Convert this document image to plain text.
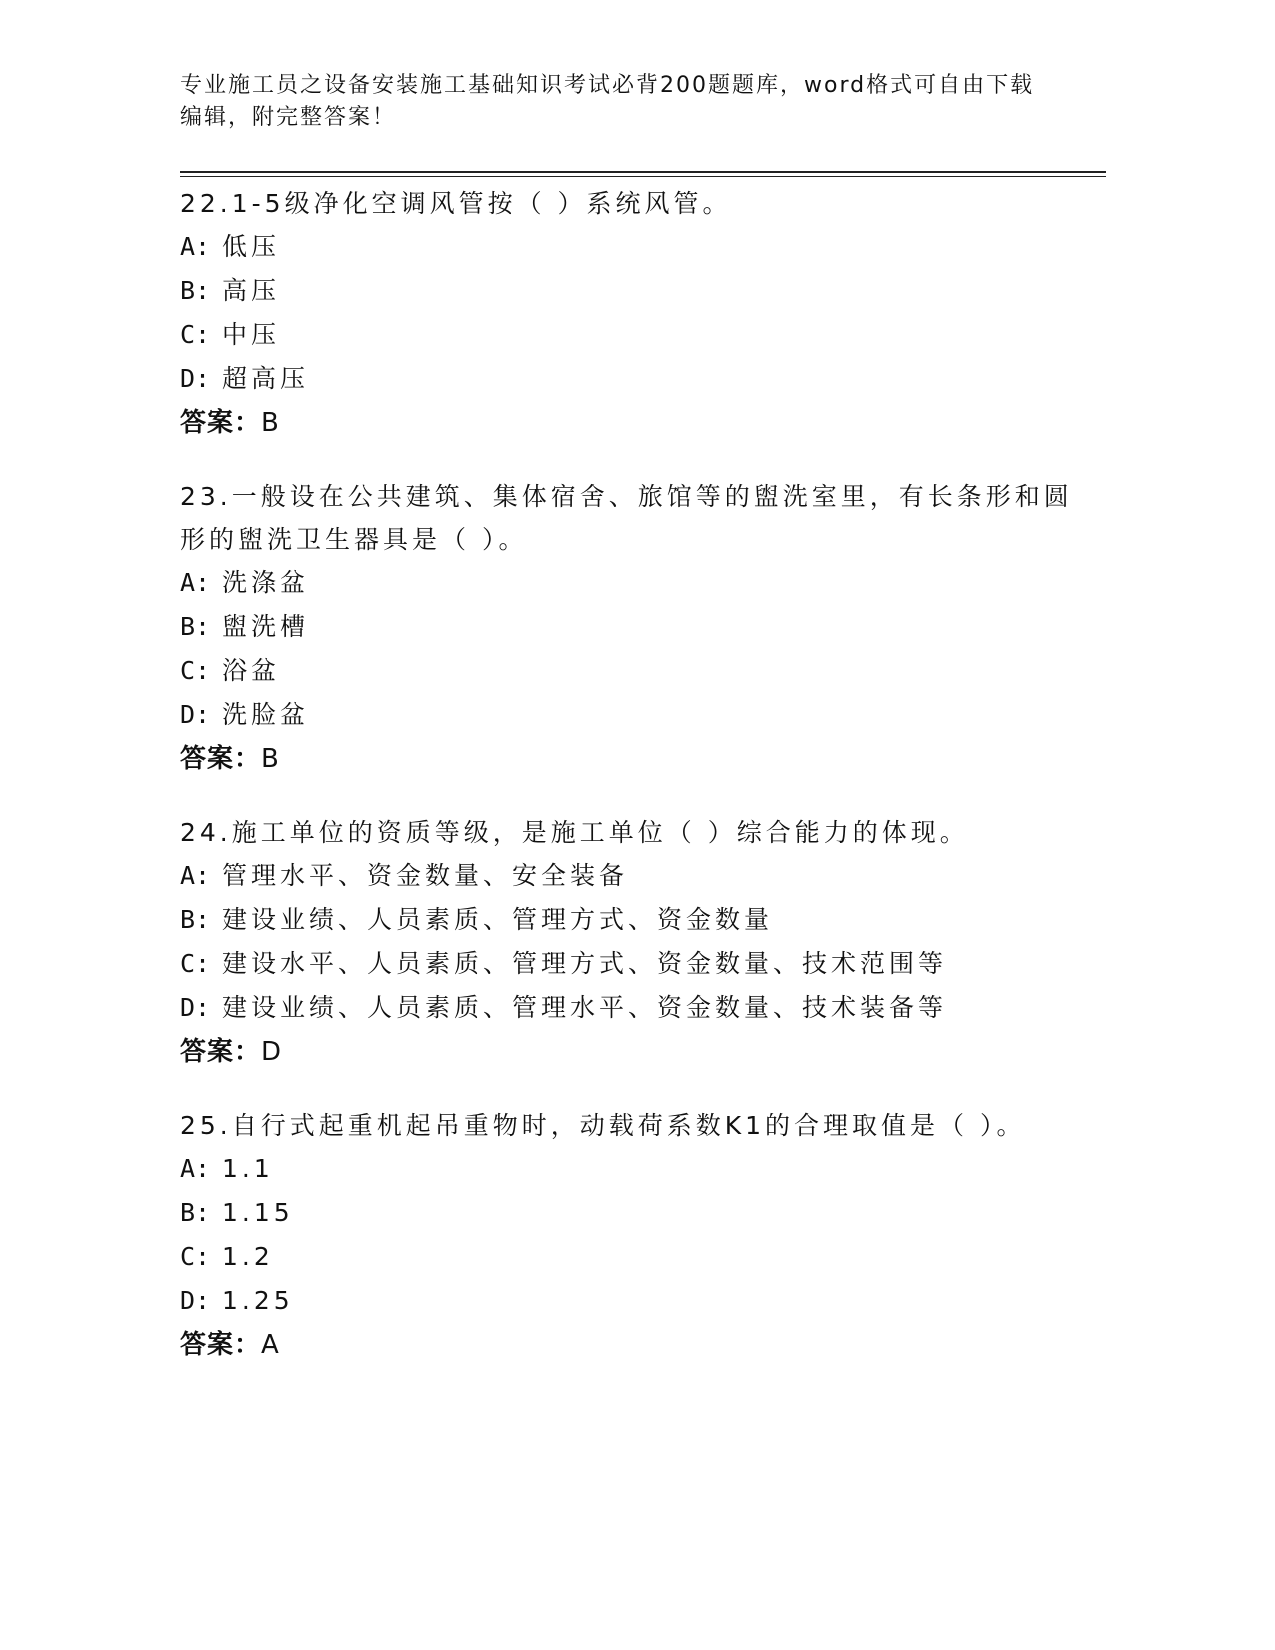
专业施工员之设备安装施工基础知识考试必背200题题库，word格式可自由下载
编辑，附完整答案！

22.1-5级净化空调风管按（ ）系统风管。

A: 低压
B: 高压
C: 中压
D: 超高压
答案：B

23.一般设在公共建筑、集体宿舍、旅馆等的盥洗室里，有长条形和圆

形的盥洗卫生器具是（ ）。

A: 洗涤盆
B: 盥洗槽
C: 浴盆
D: 洗脸盆
答案：B

24.施工单位的资质等级，是施工单位（ ）综合能力的体现。

A: 管理水平、资金数量、安全装备
B: 建设业绩、人员素质、管理方式、资金数量
C: 建设水平、人员素质、管理方式、资金数量、技术范围等
D: 建设业绩、人员素质、管理水平、资金数量、技术装备等
答案：D

25.自行式起重机起吊重物时，动载荷系数K1的合理取值是（ ）。

A: 1.1
B: 1.15
C: 1.2
D: 1.25
答案：A
